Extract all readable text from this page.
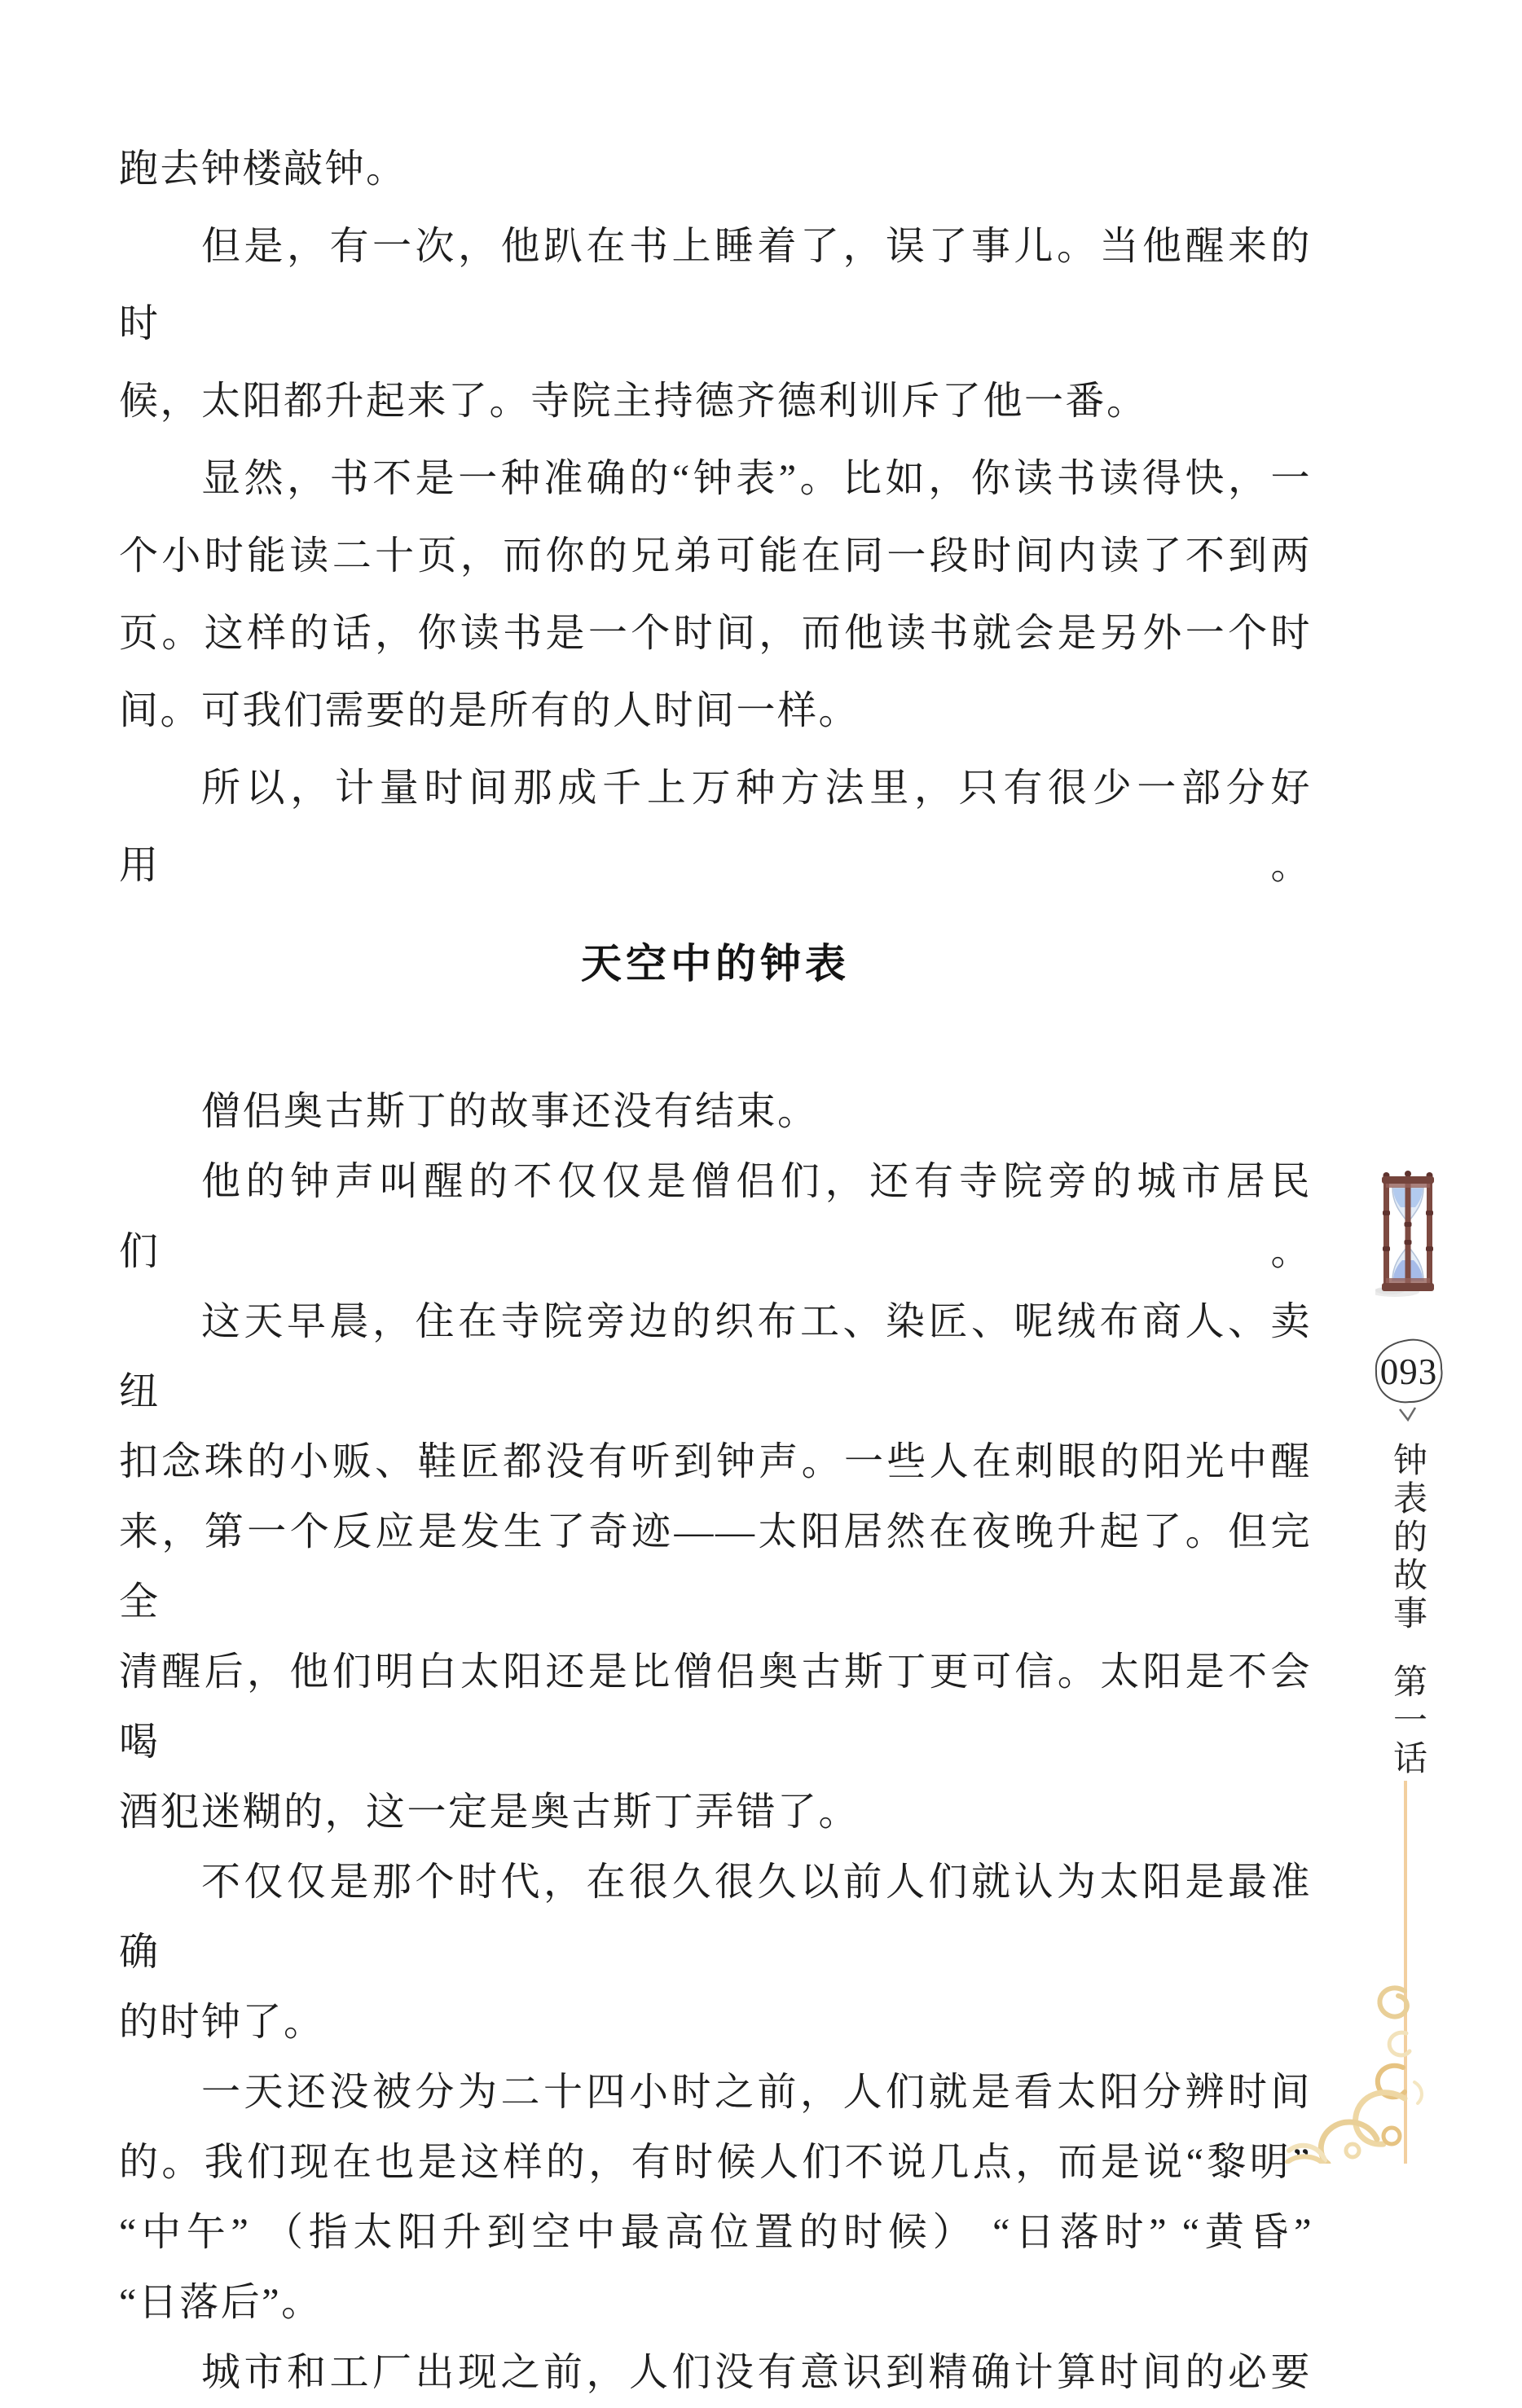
跑去钟楼敲钟。
但是，有一次，他趴在书上睡着了，误了事儿。当他醒来的时
候，太阳都升起来了。寺院主持德齐德利训斥了他一番。
显然，书不是一种准确的“钟表”。比如，你读书读得快，一
个小时能读二十页，而你的兄弟可能在同一段时间内读了不到两
页。这样的话，你读书是一个时间，而他读书就会是另外一个时
间。可我们需要的是所有的人时间一样。
所以，计量时间那成千上万种方法里，只有很少一部分好用。
天空中的钟表
僧侣奥古斯丁的故事还没有结束。
他的钟声叫醒的不仅仅是僧侣们，还有寺院旁的城市居民们。
这天早晨，住在寺院旁边的织布工、染匠、呢绒布商人、卖纽
扣念珠的小贩、鞋匠都没有听到钟声。一些人在刺眼的阳光中醒
来，第一个反应是发生了奇迹——太阳居然在夜晚升起了。但完全
清醒后，他们明白太阳还是比僧侣奥古斯丁更可信。太阳是不会喝
酒犯迷糊的，这一定是奥古斯丁弄错了。
不仅仅是那个时代，在很久很久以前人们就认为太阳是最准确
的时钟了。
一天还没被分为二十四小时之前，人们就是看太阳分辨时间
的。我们现在也是这样的，有时候人们不说几点，而是说“黎明”
“中午” （指太阳升到空中最高位置的时候） “日落时” “黄昏”
“日落后”。
城市和工厂出现之前，人们没有意识到精确计算时间的必要
093
钟表的故事
第一话
